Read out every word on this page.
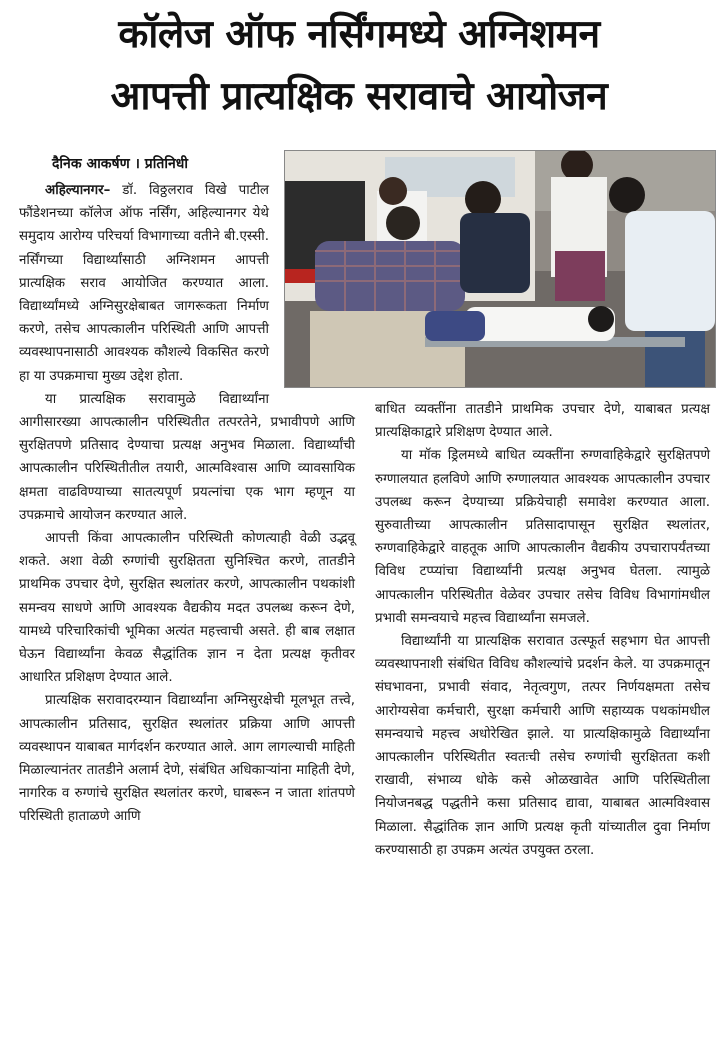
कॉलेज ऑफ नर्सिंगमध्ये अग्निशमन
आपत्ती प्रात्यक्षिक सरावाचे आयोजन
दैनिक आकर्षण । प्रतिनिधी

अहिल्यानगर– डॉ. विठ्ठलराव विखे पाटील फौंडेशनच्या कॉलेज ऑफ नर्सिंग, अहिल्यानगर येथे समुदाय आरोग्य परिचर्या विभागाच्या वतीने बी.एस्सी. नर्सिंगच्या विद्यार्थ्यांसाठी अग्निशमन आपत्ती प्रात्यक्षिक सराव आयोजित करण्यात आला. विद्यार्थ्यांमध्ये अग्निसुरक्षेबाबत जागरूकता निर्माण करणे, तसेच आपत्कालीन परिस्थिती आणि आपत्ती व्यवस्थापनासाठी आवश्यक कौशल्ये विकसित करणे हा या उपक्रमाचा मुख्य उद्देश होता.

या प्रात्यक्षिक सरावामुळे विद्यार्थ्यांना आगीसारख्या आपत्कालीन परिस्थितीत तत्परतेने, प्रभावीपणे आणि सुरक्षितपणे प्रतिसाद देण्याचा प्रत्यक्ष अनुभव मिळाला. विद्यार्थ्यांची आपत्कालीन परिस्थितीतील तयारी, आत्मविश्वास आणि व्यावसायिक क्षमता वाढविण्याच्या सातत्यपूर्ण प्रयत्नांचा एक भाग म्हणून या उपक्रमाचे आयोजन करण्यात आले.

आपत्ती किंवा आपत्कालीन परिस्थिती कोणत्याही वेळी उद्भवू शकते. अशा वेळी रुग्णांची सुरक्षितता सुनिश्चित करणे, तातडीने प्राथमिक उपचार देणे, सुरक्षित स्थलांतर करणे, आपत्कालीन पथकांशी समन्वय साधणे आणि आवश्यक वैद्यकीय मदत उपलब्ध करून देणे, यामध्ये परिचारिकांची भूमिका अत्यंत महत्त्वाची असते. ही बाब लक्षात घेऊन विद्यार्थ्यांना केवळ सैद्धांतिक ज्ञान न देता प्रत्यक्ष कृतीवर आधारित प्रशिक्षण देण्यात आले.

प्रात्यक्षिक सरावादरम्यान विद्यार्थ्यांना अग्निसुरक्षेची मूलभूत तत्त्वे, आपत्कालीन प्रतिसाद, सुरक्षित स्थलांतर प्रक्रिया आणि आपत्ती व्यवस्थापन याबाबत मार्गदर्शन करण्यात आले. आग लागल्याची माहिती मिळाल्यानंतर तातडीने अलार्म देणे, संबंधित अधिकाऱ्यांना माहिती देणे, नागरिक व रुग्णांचे सुरक्षित स्थलांतर करणे, घाबरून न जाता शांतपणे परिस्थिती हाताळणे आणि

बाधित व्यक्तींना तातडीने प्राथमिक उपचार देणे, याबाबत प्रत्यक्ष प्रात्यक्षिकाद्वारे प्रशिक्षण देण्यात आले.

या मॉक ड्रिलमध्ये बाधित व्यक्तींना रुग्णवाहिकेद्वारे सुरक्षितपणे रुग्णालयात हलविणे आणि रुग्णालयात आवश्यक आपत्कालीन उपचार उपलब्ध करून देण्याच्या प्रक्रियेचाही समावेश करण्यात आला. सुरुवातीच्या आपत्कालीन प्रतिसादापासून सुरक्षित स्थलांतर, रुग्णवाहिकेद्वारे वाहतूक आणि आपत्कालीन वैद्यकीय उपचारापर्यंतच्या विविध टप्प्यांचा विद्यार्थ्यांनी प्रत्यक्ष अनुभव घेतला. त्यामुळे आपत्कालीन परिस्थितीत वेळेवर उपचार तसेच विविध विभागांमधील प्रभावी समन्वयाचे महत्त्व विद्यार्थ्यांना समजले.

विद्यार्थ्यांनी या प्रात्यक्षिक सरावात उत्स्फूर्त सहभाग घेत आपत्ती व्यवस्थापनाशी संबंधित विविध कौशल्यांचे प्रदर्शन केले. या उपक्रमातून संघभावना, प्रभावी संवाद, नेतृत्वगुण, तत्पर निर्णयक्षमता तसेच आरोग्यसेवा कर्मचारी, सुरक्षा कर्मचारी आणि सहाय्यक पथकांमधील समन्वयाचे महत्त्व अधोरेखित झाले. या प्रात्यक्षिकामुळे विद्यार्थ्यांना आपत्कालीन परिस्थितीत स्वतःची तसेच रुग्णांची सुरक्षितता कशी राखावी, संभाव्य धोके कसे ओळखावेत आणि परिस्थितीला नियोजनबद्ध पद्धतीने कसा प्रतिसाद द्यावा, याबाबत आत्मविश्वास मिळाला. सैद्धांतिक ज्ञान आणि प्रत्यक्ष कृती यांच्यातील दुवा निर्माण करण्यासाठी हा उपक्रम अत्यंत उपयुक्त ठरला.
